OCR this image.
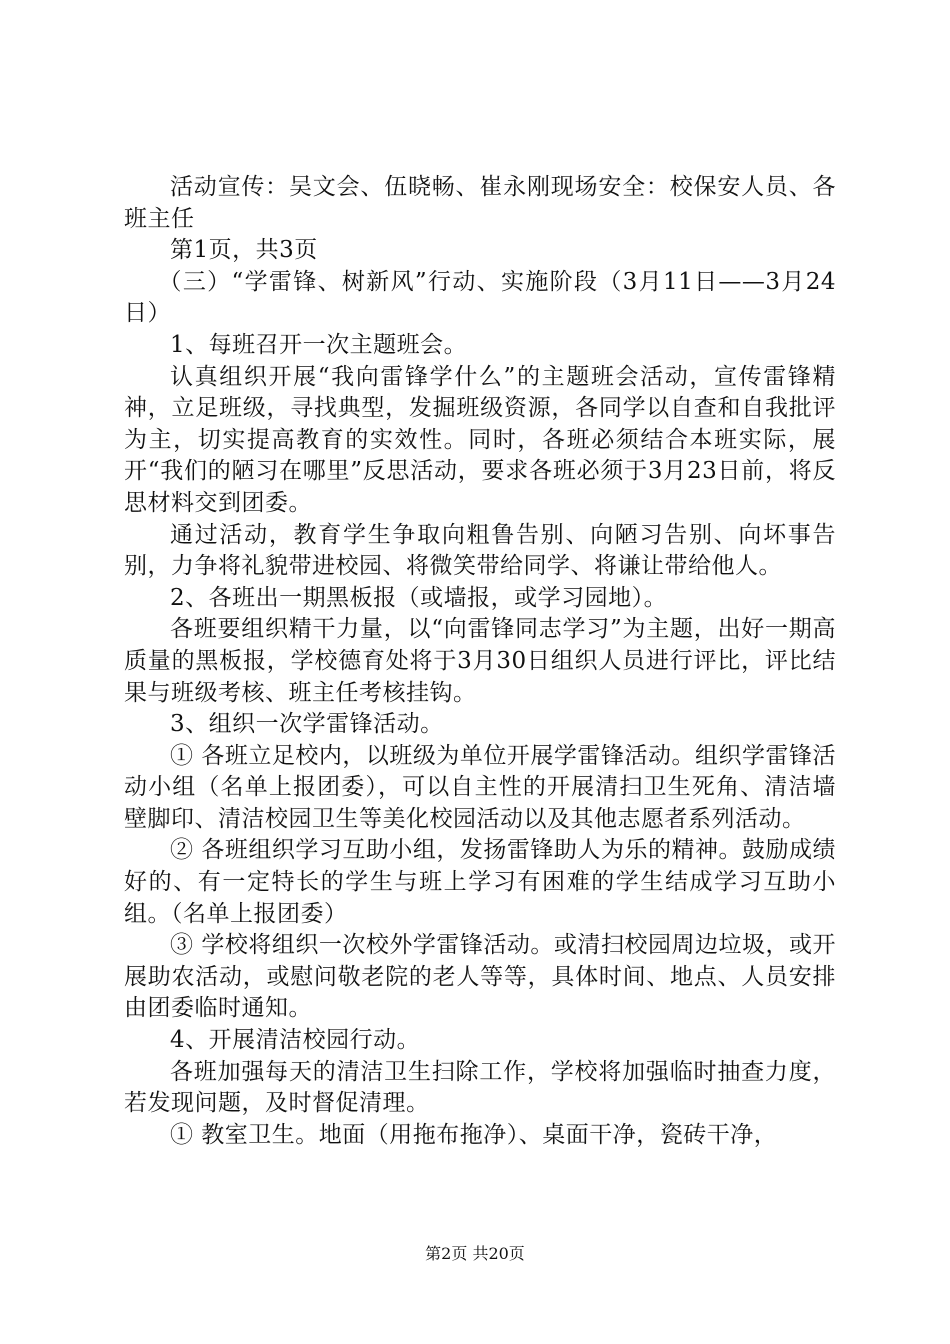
活动宣传：吴文会、伍晓畅、崔永刚现场安全：校保安人员、各班主任

第1页，共3页

（三）“学雷锋、树新风”行动、实施阶段（3月11日——3月24日）

1、每班召开一次主题班会。

认真组织开展“我向雷锋学什么”的主题班会活动，宣传雷锋精神，立足班级，寻找典型，发掘班级资源，各同学以自查和自我批评为主，切实提高教育的实效性。同时，各班必须结合本班实际，展开“我们的陋习在哪里”反思活动，要求各班必须于3月23日前，将反思材料交到团委。

通过活动，教育学生争取向粗鲁告别、向陋习告别、向坏事告别，力争将礼貌带进校园、将微笑带给同学、将谦让带给他人。

2、各班出一期黑板报（或墙报，或学习园地）。

各班要组织精干力量，以“向雷锋同志学习”为主题，出好一期高质量的黑板报，学校德育处将于3月30日组织人员进行评比，评比结果与班级考核、班主任考核挂钩。

3、组织一次学雷锋活动。

① 各班立足校内，以班级为单位开展学雷锋活动。组织学雷锋活动小组（名单上报团委），可以自主性的开展清扫卫生死角、清洁墙壁脚印、清洁校园卫生等美化校园活动以及其他志愿者系列活动。

② 各班组织学习互助小组，发扬雷锋助人为乐的精神。鼓励成绩好的、有一定特长的学生与班上学习有困难的学生结成学习互助小组。（名单上报团委）

③ 学校将组织一次校外学雷锋活动。或清扫校园周边垃圾，或开展助农活动，或慰问敬老院的老人等等，具体时间、地点、人员安排由团委临时通知。

4、开展清洁校园行动。

各班加强每天的清洁卫生扫除工作，学校将加强临时抽查力度，若发现问题，及时督促清理。

① 教室卫生。地面（用拖布拖净）、桌面干净，瓷砖干净，

第2页 共20页
